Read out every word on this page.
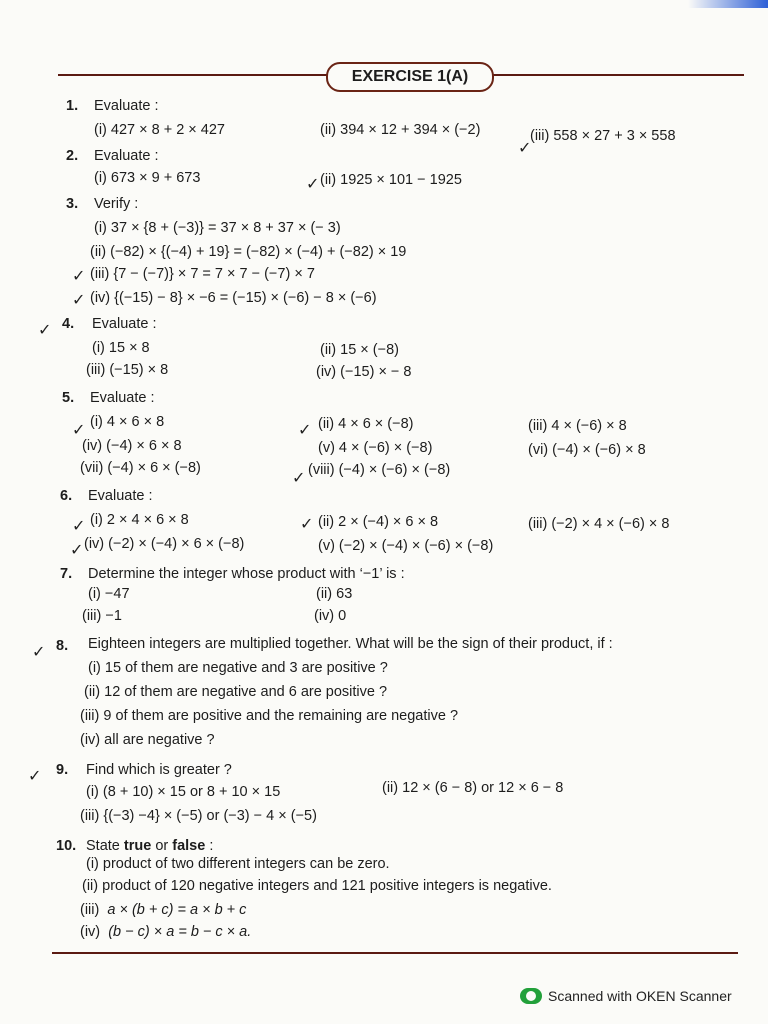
EXERCISE 1(A)
1. Evaluate :
(i) 427 × 8 + 2 × 427	(ii) 394 × 12 + 394 × (−2)	(iii) 558 × 27 + 3 × 558
✓
2. Evaluate :
(i) 673 × 9 + 673	(ii) 1925 × 101 − 1925
✓
3. Verify :
(i) 37 × {8 + (−3)} = 37 × 8 + 37 × (− 3)
(ii) (−82) × {(−4) + 19} = (−82) × (−4) + (−82) × 19
(iii) {7 − (−7)} × 7 = 7 × 7 − (−7) × 7
(iv) {(−15) − 8} × −6 = (−15) × (−6) − 8 × (−6)
✓
✓
4. Evaluate :
✓
(i) 15 × 8	(ii) 15 × (−8)
(iii) (−15) × 8	(iv) (−15) × − 8
5. Evaluate :
(i) 4 × 6 × 8	(ii) 4 × 6 × (−8)	(iii) 4 × (−6) × 8
(iv) (−4) × 6 × 8	(v) 4 × (−6) × (−8)	(vi) (−4) × (−6) × 8
(vii) (−4) × 6 × (−8)	(viii) (−4) × (−6) × (−8)
✓	✓
✓
6. Evaluate :
(i) 2 × 4 × 6 × 8	(ii) 2 × (−4) × 6 × 8	(iii) (−2) × 4 × (−6) × 8
(iv) (−2) × (−4) × 6 × (−8)	(v) (−2) × (−4) × (−6) × (−8)
✓	✓
✓
7. Determine the integer whose product with ‘−1’ is :
(i) −47	(ii) 63
(iii) −1	(iv) 0
8. Eighteen integers are multiplied together. What will be the sign of their product, if :
✓
(i) 15 of them are negative and 3 are positive ?
(ii) 12 of them are negative and 6 are positive ?
(iii) 9 of them are positive and the remaining are negative ?
(iv) all are negative ?
9. Find which is greater ?
✓
(i) (8 + 10) × 15 or 8 + 10 × 15	(ii) 12 × (6 − 8) or 12 × 6 − 8
(iii) {(−3) −4} × (−5) or (−3) − 4 × (−5)
10. State true or false :
(i) product of two different integers can be zero.
(ii) product of 120 negative integers and 121 positive integers is negative.
(iii) a × (b + c) = a × b + c
(iv) (b − c) × a = b − c × a.
Scanned with OKEN Scanner
